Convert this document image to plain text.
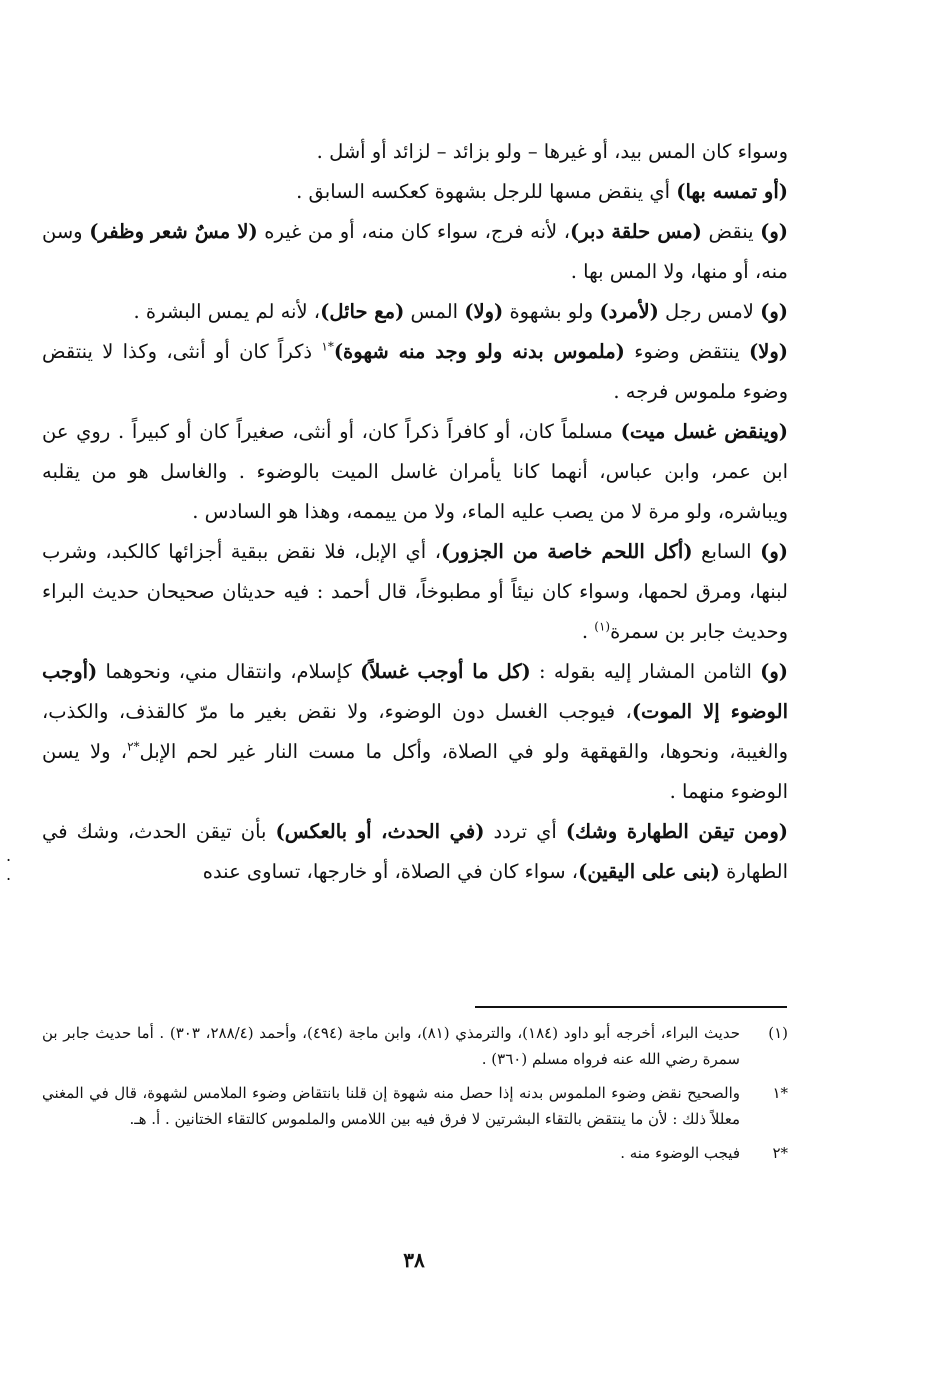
وسواء كان المس بيد، أو غيرها – ولو بزائد – لزائد أو أشل .

(أو تمسه بها) أي ينقض مسها للرجل بشهوة كعكسه السابق .

(و) ينقض (مس حلقة دبر)، لأنه فرج، سواء كان منه، أو من غيره (لا مسٌ شعر وظفر) وسن منه، أو منها، ولا المس بها .

(و) لامس رجل (لأمرد) ولو بشهوة (ولا) المس (مع حائل)، لأنه لم يمس البشرة .

(ولا) ينتقض وضوء (ملموس بدنه ولو وجد منه شهوة)$^{*١}$ ذكراً كان أو أنثى، وكذا لا ينتقض وضوء ملموس فرجه .

(وينقض غسل ميت) مسلماً كان، أو كافراً ذكراً كان، أو أنثى، صغيراً كان أو كبيراً . روي عن ابن عمر، وابن عباس، أنهما كانا يأمران غاسل الميت بالوضوء . والغاسل هو من يقلبه ويباشره، ولو مرة لا من يصب عليه الماء، ولا من ييممه، وهذا هو السادس .

(و) السابع (أكل اللحم خاصة من الجزور)، أي الإبل، فلا نقض ببقية أجزائها كالكبد، وشرب لبنها، ومرق لحمها، وسواء كان نيئاً أو مطبوخاً، قال أحمد : فيه حديثان صحيحان حديث البراء وحديث جابر بن سمرة$^{(١)}$ .

(و) الثامن المشار إليه بقوله : (كل ما أوجب غسلاً) كإسلام، وانتقال مني، ونحوهما (أوجب الوضوء إلا الموت)، فيوجب الغسل دون الوضوء، ولا نقض بغير ما مرّ كالقذف، والكذب، والغيبة، ونحوها، والقهقهة ولو في الصلاة، وأكل ما مست النار غير لحم الإبل$^{*٢}$، ولا يسن الوضوء منهما .

(ومن تيقن الطهارة وشك) أي تردد (في الحدث، أو بالعكس) بأن تيقن الحدث، وشك في الطهارة (بنى على اليقين)، سواء كان في الصلاة، أو خارجها، تساوى عنده

. .
(١)
حديث البراء، أخرجه أبو داود (١٨٤)، والترمذي (٨١)، وابن ماجة (٤٩٤)، وأحمد (٢٨٨/٤، ٣٠٣) . أما حديث جابر بن سمرة رضي الله عنه فرواه مسلم (٣٦٠) .
*١
والصحيح نقض وضوء الملموس بدنه إذا حصل منه شهوة إن قلنا بانتقاض وضوء الملامس لشهوة، قال في المغني معللاً ذلك : لأن ما ينتقض بالتقاء البشرتين لا فرق فيه بين اللامس والملموس كالتقاء الختانين . أ. هـ.
*٢
فيجب الوضوء منه .
٣٨
